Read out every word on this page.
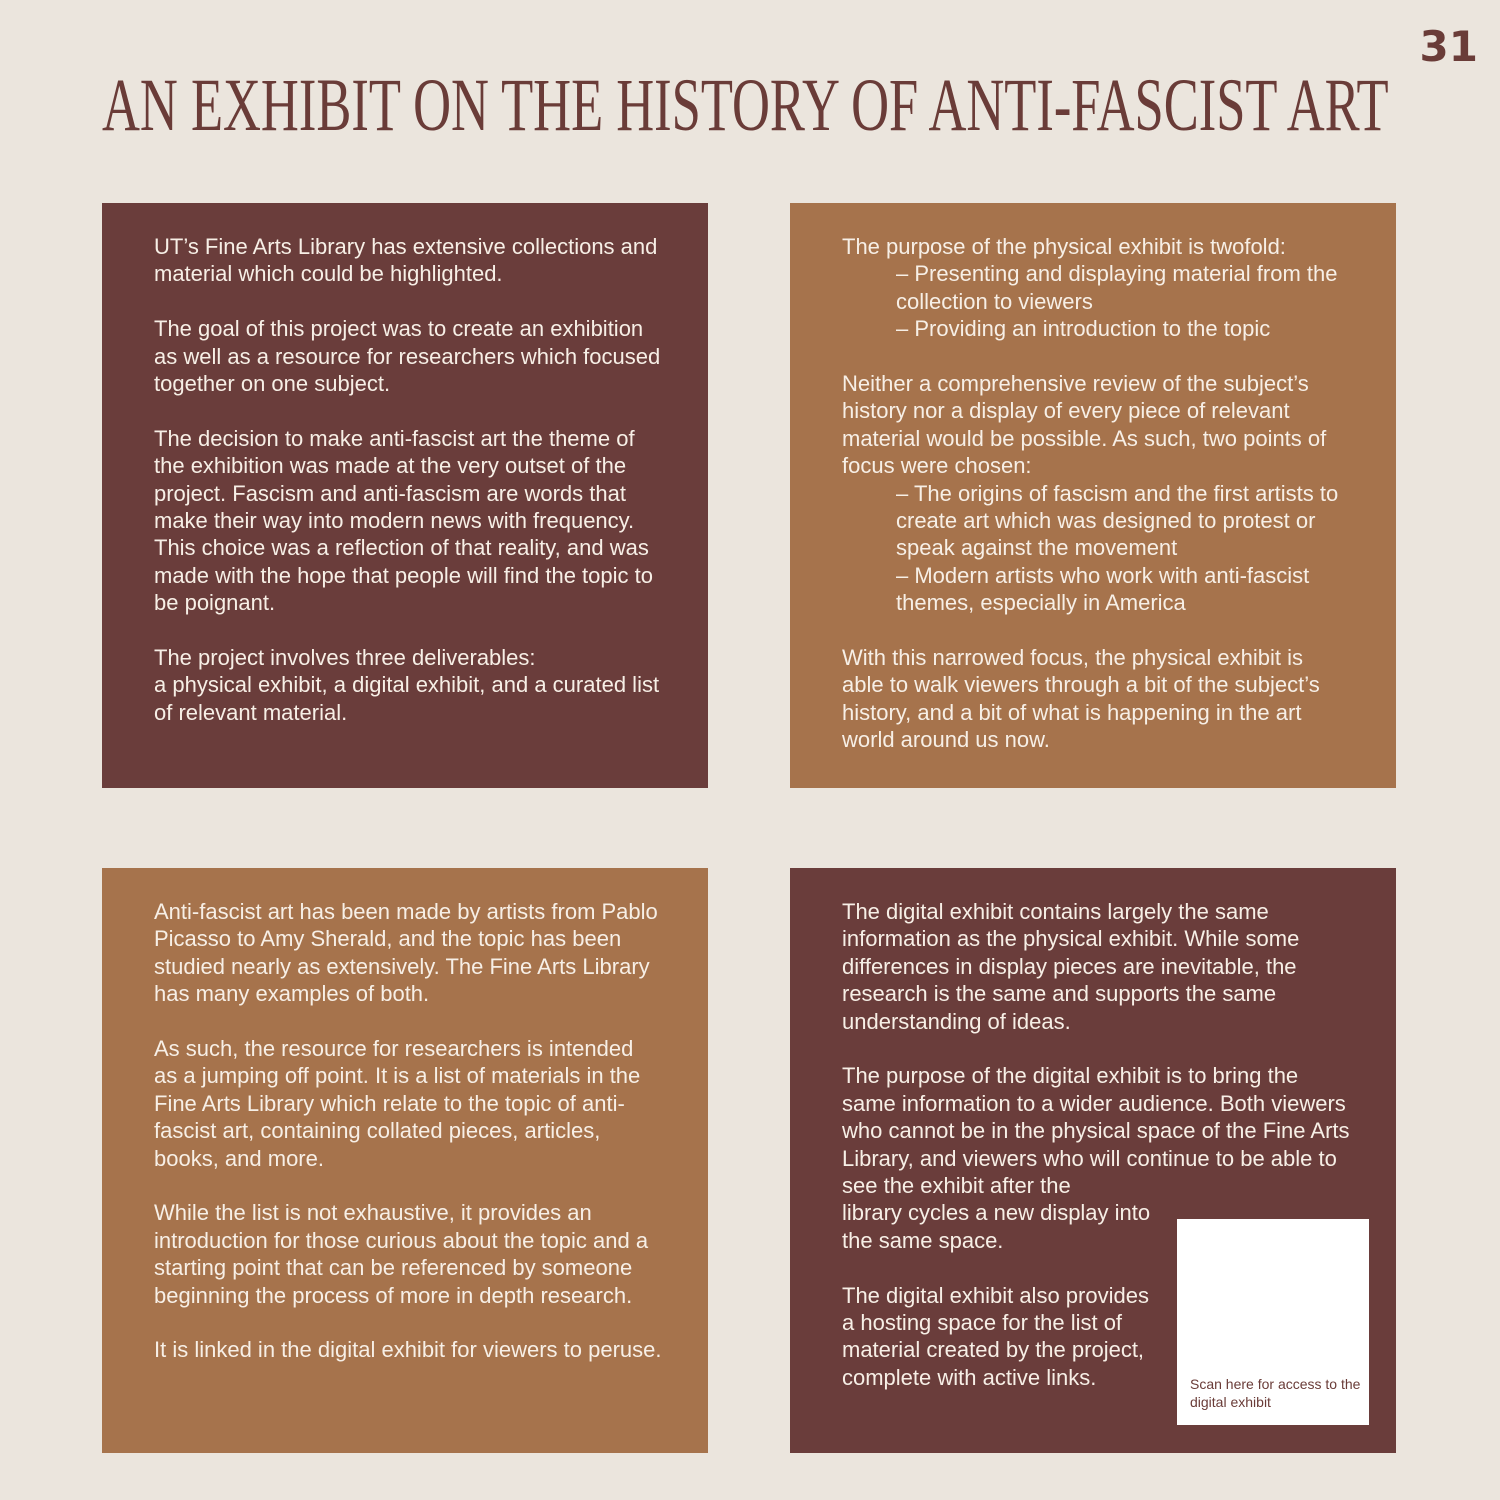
31
AN EXHIBIT ON THE HISTORY OF ANTI-FASCIST ART

UT’s Fine Arts Library has extensive collections and material which could be highlighted.

The goal of this project was to create an exhibition as well as a resource for researchers which focused together on one subject.

The decision to make anti-fascist art the theme of the exhibition was made at the very outset of the project. Fascism and anti-fascism are words that make their way into modern news with frequency. This choice was a reflection of that reality, and was made with the hope that people will find the topic to be poignant.

The project involves three deliverables:

a physical exhibit, a digital exhibit, and a curated list of relevant material.

The purpose of the physical exhibit is twofold:

– Presenting and displaying material from the collection to viewers
– Providing an introduction to the topic

Neither a comprehensive review of the subject’s history nor a display of every piece of relevant material would be possible. As such, two points of focus were chosen:

– The origins of fascism and the first artists to create art which was designed to protest or speak against the movement
– Modern artists who work with anti-fascist themes, especially in America

With this narrowed focus, the physical exhibit is able to walk viewers through a bit of the subject’s history, and a bit of what is happening in the art world around us now.

Anti-fascist art has been made by artists from Pablo Picasso to Amy Sherald, and the topic has been studied nearly as extensively. The Fine Arts Library has many examples of both.

As such, the resource for researchers is intended as a jumping off point. It is a list of materials in the Fine Arts Library which relate to the topic of anti-fascist art, containing collated pieces, articles, books, and more.

While the list is not exhaustive, it provides an introduction for those curious about the topic and a starting point that can be referenced by someone beginning the process of more in depth research.

It is linked in the digital exhibit for viewers to peruse.

The digital exhibit contains largely the same information as the physical exhibit. While some differences in display pieces are inevitable, the research is the same and supports the same understanding of ideas.

The purpose of the digital exhibit is to bring the same information to a wider audience. Both viewers who cannot be in the physical space of the Fine Arts Library, and viewers who will continue to be able to see the exhibit after the

library cycles a new display into the same space.

The digital exhibit also provides a hosting space for the list of material created by the project, complete with active links.	Scan here for access to the digital exhibit
